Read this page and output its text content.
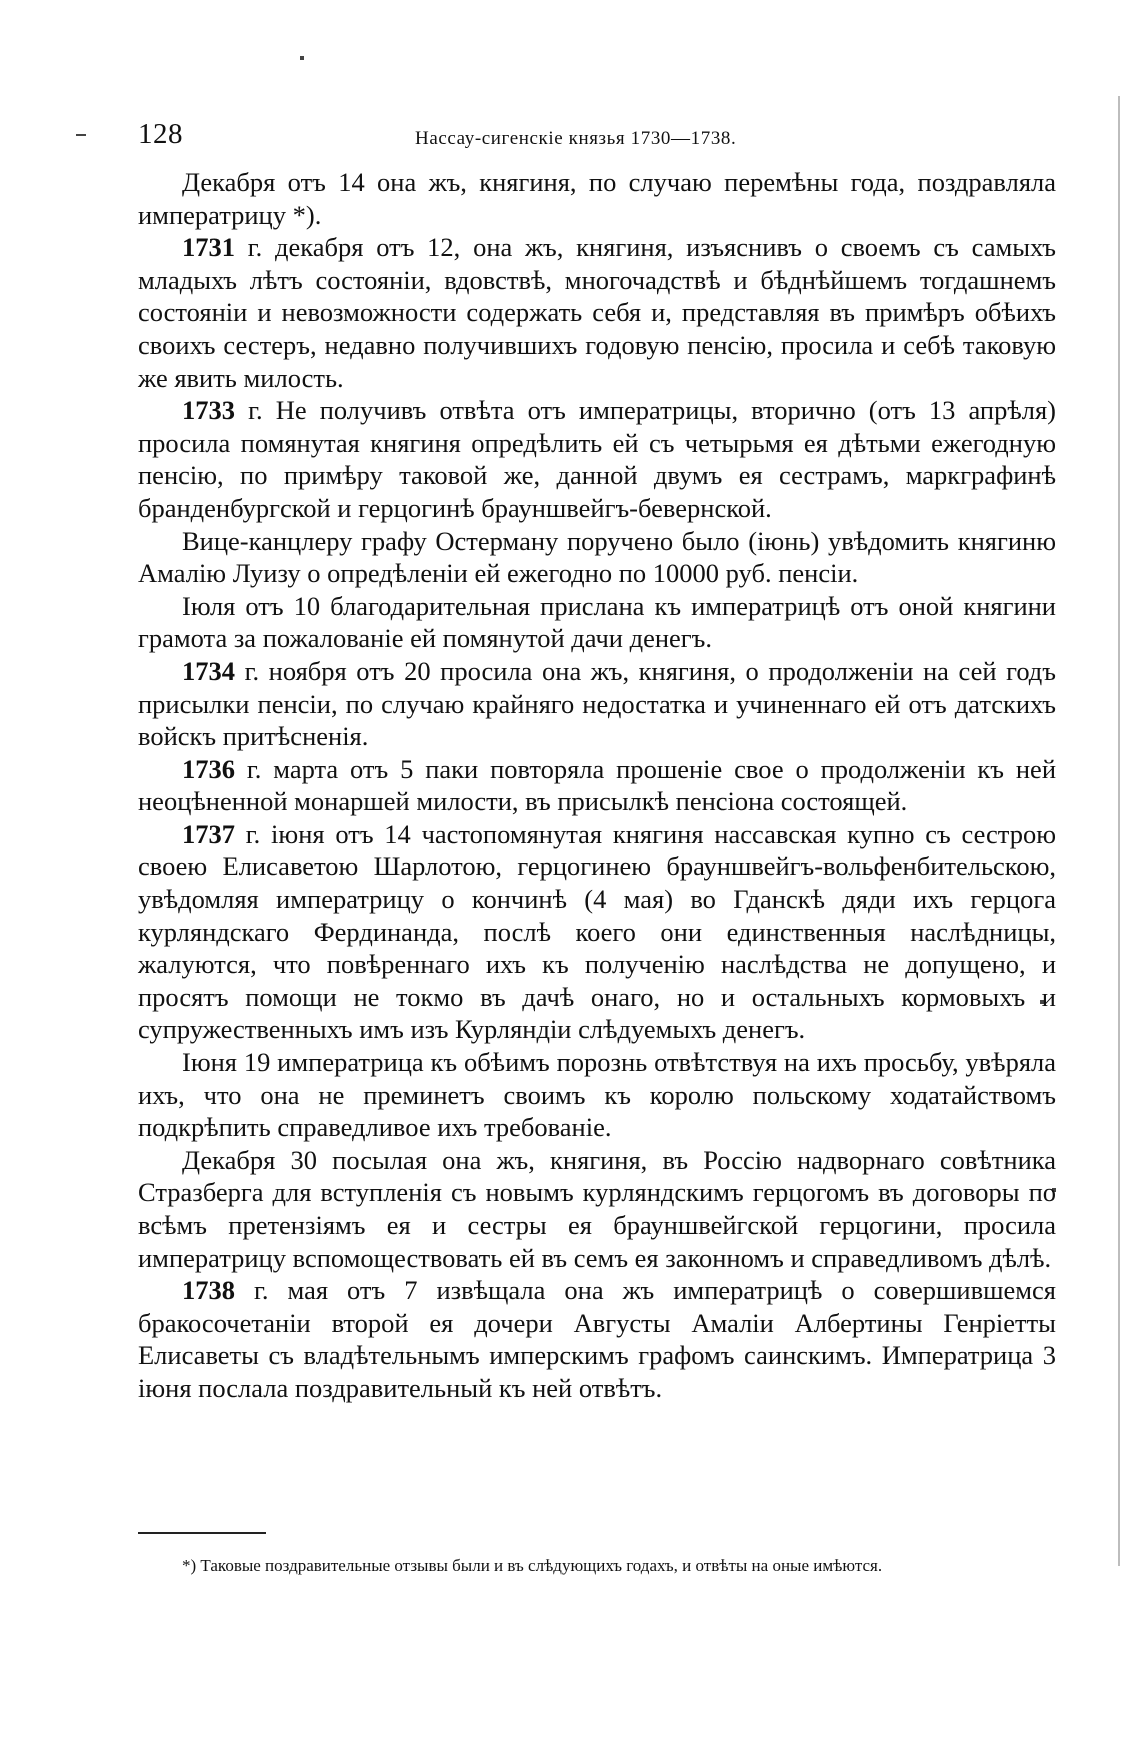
128	Нассау-сигенскіе князья 1730—1738.

Декабря отъ 14 она жъ, княгиня, по случаю перемѣны года, поздравляла императрицу *).

1731 г. декабря отъ 12, она жъ, княгиня, изъяснивъ о своемъ съ самыхъ младыхъ лѣтъ состояніи, вдовствѣ, многочадствѣ и бѣднѣйшемъ тогдашнемъ состояніи и невозможности содержать себя и, представляя въ примѣръ обѣихъ своихъ сестеръ, недавно получившихъ годовую пенсію, просила и себѣ таковую же явить милость.

1733 г. Не получивъ отвѣта отъ императрицы, вторично (отъ 13 апрѣля) просила помянутая княгиня опредѣлить ей съ четырьмя ея дѣтьми ежегодную пенсію, по примѣру таковой же, данной двумъ ея сестрамъ, маркграфинѣ бранденбургской и герцогинѣ брауншвейгъ-бевернской.

Вице-канцлеру графу Остерману поручено было (іюнь) увѣдомить княгиню Амалію Луизу о опредѣленіи ей ежегодно по 10000 руб. пенсіи.

Іюля отъ 10 благодарительная прислана къ императрицѣ отъ оной княгини грамота за пожалованіе ей помянутой дачи денегъ.

1734 г. ноября отъ 20 просила она жъ, княгиня, о продолженіи на сей годъ присылки пенсіи, по случаю крайняго недостатка и учиненнаго ей отъ датскихъ войскъ притѣсненія.

1736 г. марта отъ 5 паки повторяла прошеніе свое о продолженіи къ ней неоцѣненной монаршей милости, въ присылкѣ пенсіона состоящей.

1737 г. іюня отъ 14 частопомянутая княгиня нассавская купно съ сестрою своею Елисаветою Шарлотою, герцогинею брауншвейгъ-вольфенбительскою, увѣдомляя императрицу о кончинѣ (4 мая) во Гданскѣ дяди ихъ герцога курляндскаго Фердинанда, послѣ коего они единственныя наслѣдницы, жалуются, что повѣреннаго ихъ къ полученію наслѣдства не допущено, и просятъ помощи не токмо въ дачѣ онаго, но и остальныхъ кормовыхъ и супружественныхъ имъ изъ Курляндіи слѣдуемыхъ денегъ.

Іюня 19 императрица къ обѣимъ порознь отвѣтствуя на ихъ просьбу, увѣряла ихъ, что она не преминетъ своимъ къ королю польскому ходатайствомъ подкрѣпить справедливое ихъ требованіе.

Декабря 30 посылая она жъ, княгиня, въ Россію надворнаго совѣтника Стразберга для вступленія съ новымъ курляндскимъ герцогомъ въ договоры по всѣмъ претензіямъ ея и сестры ея брауншвейгской герцогини, просила императрицу вспомоществовать ей въ семъ ея законномъ и справедливомъ дѣлѣ.

1738 г. мая отъ 7 извѣщала она жъ императрицѣ о совершившемся бракосочетаніи второй ея дочери Августы Амаліи Албертины Генріетты Елисаветы съ владѣтельнымъ имперскимъ графомъ саинскимъ. Императрица 3 іюня послала поздравительный къ ней отвѣтъ.

*) Таковые поздравительные отзывы были и въ слѣдующихъ годахъ, и отвѣты на оные имѣются.
